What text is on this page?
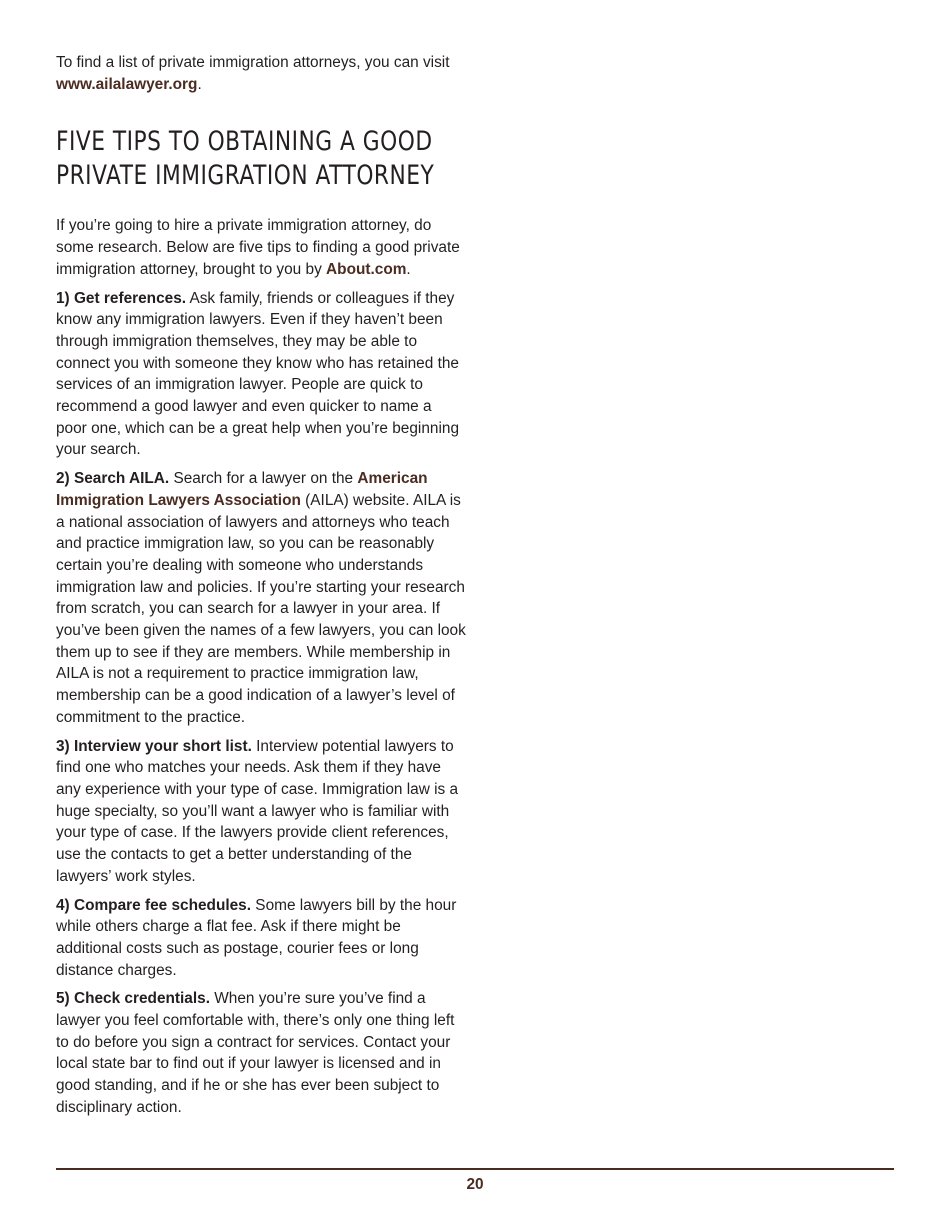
To find a list of private immigration attorneys, you can visit www.ailalawyer.org.

FIVE TIPS TO OBTAINING A GOOD
PRIVATE IMMIGRATION ATTORNEY

If you’re going to hire a private immigration attorney, do some research. Below are five tips to finding a good private immigration attorney, brought to you by About.com.

1) Get references. Ask family, friends or colleagues if they know any immigration lawyers. Even if they haven’t been through immigration themselves, they may be able to connect you with someone they know who has retained the services of an immigration lawyer. People are quick to recommend a good lawyer and even quicker to name a poor one, which can be a great help when you’re beginning your search.

2) Search AILA. Search for a lawyer on the American Immigration Lawyers Association (AILA) website. AILA is a national association of lawyers and attorneys who teach and practice immigration law, so you can be reasonably certain you’re dealing with someone who understands immigration law and policies. If you’re starting your research from scratch, you can search for a lawyer in your area. If you’ve been given the names of a few lawyers, you can look them up to see if they are members. While membership in AILA is not a requirement to practice immigration law, membership can be a good indication of a lawyer’s level of commitment to the practice.

3) Interview your short list. Interview potential lawyers to find one who matches your needs. Ask them if they have any experience with your type of case. Immigration law is a huge specialty, so you’ll want a lawyer who is familiar with your type of case. If the lawyers provide client references, use the contacts to get a better understanding of the lawyers’ work styles.

4) Compare fee schedules. Some lawyers bill by the hour while others charge a flat fee. Ask if there might be additional costs such as postage, courier fees or long distance charges.

5) Check credentials. When you’re sure you’ve find a lawyer you feel comfortable with, there’s only one thing left to do before you sign a contract for services. Contact your local state bar to find out if your lawyer is licensed and in good standing, and if he or she has ever been subject to disciplinary action.

20
